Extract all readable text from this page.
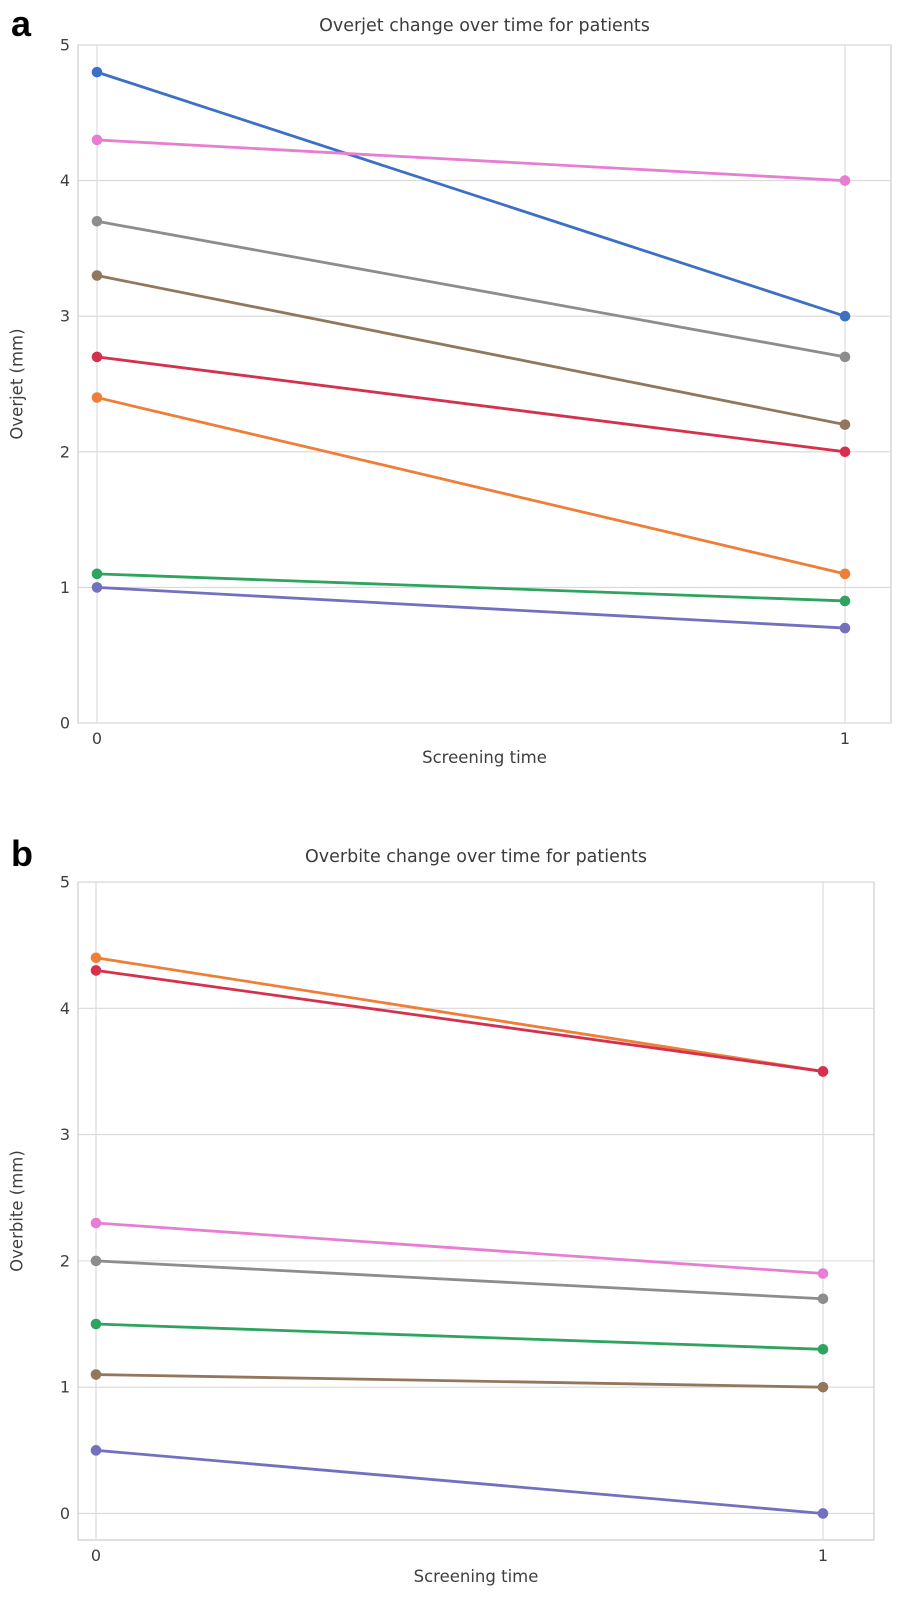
a	Overjet change over time for patients
Overjet (mm)
Screening time
b	Overbite change over time for patients
Overbite (mm)
Screening time
0
1
2
3
4
5
0	1
0
1
2
3
4
5
0	1
